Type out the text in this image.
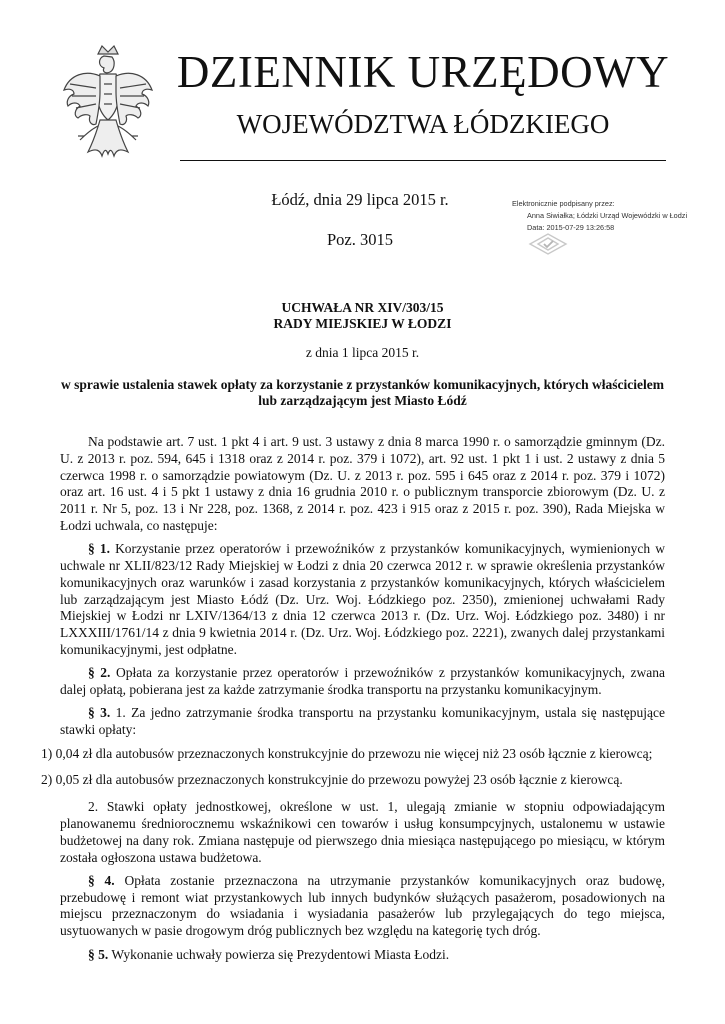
DZIENNIK URZĘDOWY
WOJEWÓDZTWA ŁÓDZKIEGO
Łódź, dnia 29 lipca 2015 r.
Poz. 3015
Elektronicznie podpisany przez:
Anna Siwiałka; Łódzki Urząd Wojewódzki w Łodzi
Data: 2015-07-29 13:26:58
UCHWAŁA NR XIV/303/15
RADY MIEJSKIEJ W ŁODZI
z dnia 1 lipca 2015 r.
w sprawie ustalenia stawek opłaty za korzystanie z przystanków komunikacyjnych, których właścicielem
lub zarządzającym jest Miasto Łódź

Na podstawie art. 7 ust. 1 pkt 4 i art. 9 ust. 3 ustawy z dnia 8 marca 1990 r. o samorządzie gminnym (Dz. U. z 2013 r. poz. 594, 645 i 1318 oraz z 2014 r. poz. 379 i 1072), art. 92 ust. 1 pkt 1 i ust. 2 ustawy z dnia 5 czerwca 1998 r. o samorządzie powiatowym (Dz. U. z 2013 r. poz. 595 i 645 oraz z 2014 r. poz. 379 i 1072) oraz art. 16 ust. 4 i 5 pkt 1 ustawy z dnia 16 grudnia 2010 r. o publicznym transporcie zbiorowym (Dz. U. z 2011 r. Nr 5, poz. 13 i Nr 228, poz. 1368, z 2014 r. poz. 423 i 915 oraz z 2015 r. poz. 390), Rada Miejska w Łodzi uchwala, co następuje:

§ 1. Korzystanie przez operatorów i przewoźników z przystanków komunikacyjnych, wymienionych w uchwale nr XLII/823/12 Rady Miejskiej w Łodzi z dnia 20 czerwca 2012 r. w sprawie określenia przystanków komunikacyjnych oraz warunków i zasad korzystania z przystanków komunikacyjnych, których właścicielem lub zarządzającym jest Miasto Łódź (Dz. Urz. Woj. Łódzkiego poz. 2350), zmienionej uchwałami Rady Miejskiej w Łodzi nr LXIV/1364/13 z dnia 12 czerwca 2013 r. (Dz. Urz. Woj. Łódzkiego poz. 3480) i nr LXXXIII/1761/14 z dnia 9 kwietnia 2014 r. (Dz. Urz. Woj. Łódzkiego poz. 2221), zwanych dalej przystankami komunikacyjnymi, jest odpłatne.

§ 2. Opłata za korzystanie przez operatorów i przewoźników z przystanków komunikacyjnych, zwana dalej opłatą, pobierana jest za każde zatrzymanie środka transportu na przystanku komunikacyjnym.

§ 3. 1. Za jedno zatrzymanie środka transportu na przystanku komunikacyjnym, ustala się następujące stawki opłaty:

1) 0,04 zł dla autobusów przeznaczonych konstrukcyjnie do przewozu nie więcej niż 23 osób łącznie z kierowcą;

2) 0,05 zł dla autobusów przeznaczonych konstrukcyjnie do przewozu powyżej 23 osób łącznie z kierowcą.

2. Stawki opłaty jednostkowej, określone w ust. 1, ulegają zmianie w stopniu odpowiadającym planowanemu średniorocznemu wskaźnikowi cen towarów i usług konsumpcyjnych, ustalonemu w ustawie budżetowej na dany rok. Zmiana następuje od pierwszego dnia miesiąca następującego po miesiącu, w którym została ogłoszona ustawa budżetowa.

§ 4. Opłata zostanie przeznaczona na utrzymanie przystanków komunikacyjnych oraz budowę, przebudowę i remont wiat przystankowych lub innych budynków służących pasażerom, posadowionych na miejscu przeznaczonym do wsiadania i wysiadania pasażerów lub przylegających do tego miejsca, usytuowanych w pasie drogowym dróg publicznych bez względu na kategorię tych dróg.

§ 5. Wykonanie uchwały powierza się Prezydentowi Miasta Łodzi.
